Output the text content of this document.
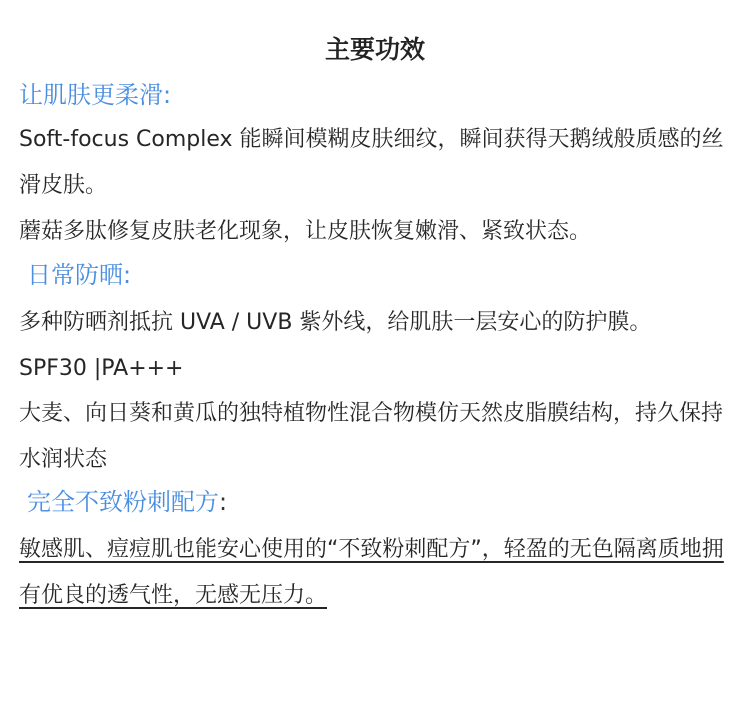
主要功效
让肌肤更柔滑:
Soft-focus Complex 能瞬间模糊皮肤细纹，瞬间获得天鹅绒般质感的丝滑皮肤。
蘑菇多肽修复皮肤老化现象，让皮肤恢复嫩滑、紧致状态。
日常防晒:
多种防晒剂抵抗 UVA / UVB 紫外线，给肌肤一层安心的防护膜。SPF30 |PA+++
大麦、向日葵和黄瓜的独特植物性混合物模仿天然皮脂膜结构，持久保持水润状态
完全不致粉刺配方:
敏感肌、痘痘肌也能安心使用的“不致粉刺配方”，轻盈的无色隔离质地拥有优良的透气性，无感无压力。
